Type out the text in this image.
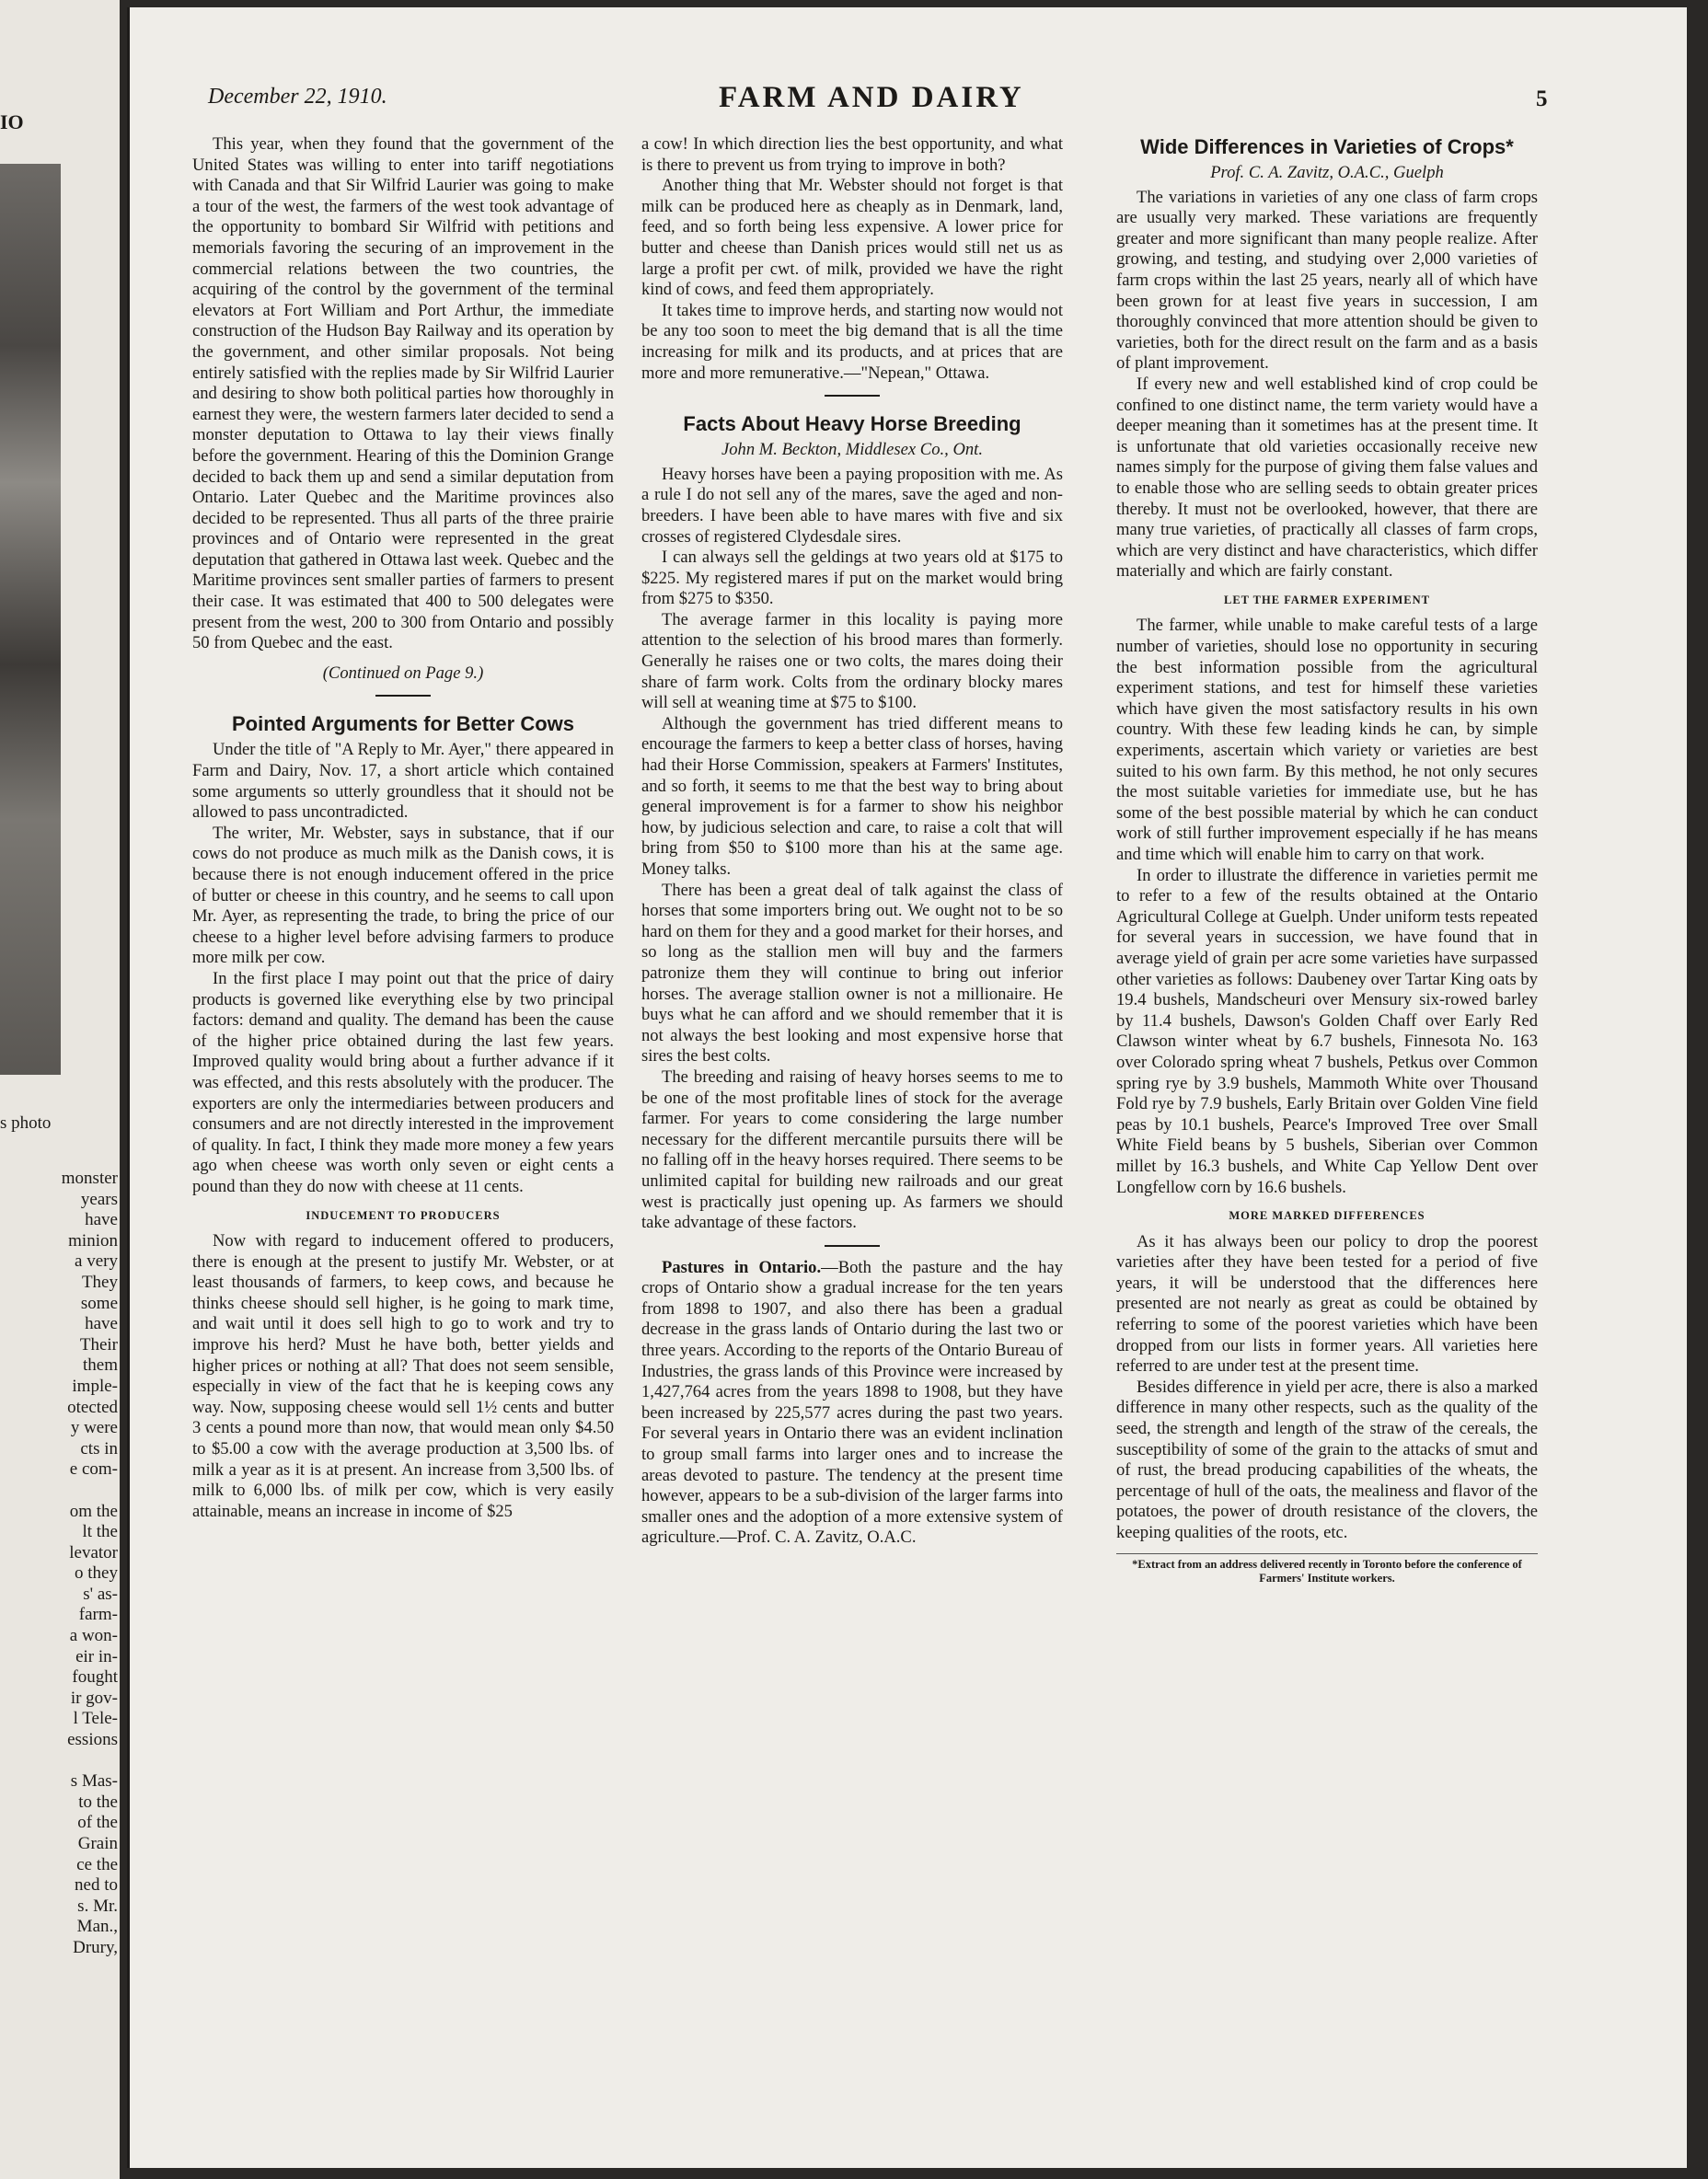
IO
s photo
monster
years
have
minion
a very
They
some
have
Their
them
imple-
otected
y were
cts in
e com-

om the
lt the
levator
o they
s' as-
farm-
a won-
eir in-
fought
ir gov-
l Tele-
essions

s Mas-
to the
of the
Grain
ce the
ned to
s. Mr.
Man.,
Drury,
December 22, 1910.	FARM AND DAIRY	5

This year, when they found that the government of the United States was willing to enter into tariff negotiations with Canada and that Sir Wilfrid Laurier was going to make a tour of the west, the farmers of the west took advantage of the opportunity to bombard Sir Wilfrid with petitions and memorials favoring the securing of an improvement in the commercial relations between the two countries, the acquiring of the control by the government of the terminal elevators at Fort William and Port Arthur, the immediate construction of the Hudson Bay Railway and its operation by the government, and other similar proposals. Not being entirely satisfied with the replies made by Sir Wilfrid Laurier and desiring to show both political parties how thoroughly in earnest they were, the western farmers later decided to send a monster deputation to Ottawa to lay their views finally before the government. Hearing of this the Dominion Grange decided to back them up and send a similar deputation from Ontario. Later Quebec and the Maritime provinces also decided to be represented. Thus all parts of the three prairie provinces and of Ontario were represented in the great deputation that gathered in Ottawa last week. Quebec and the Maritime provinces sent smaller parties of farmers to present their case. It was estimated that 400 to 500 delegates were present from the west, 200 to 300 from Ontario and possibly 50 from Quebec and the east.

(Continued on Page 9.)
Pointed Arguments for Better Cows

Under the title of "A Reply to Mr. Ayer," there appeared in Farm and Dairy, Nov. 17, a short article which contained some arguments so utterly groundless that it should not be allowed to pass uncontradicted.

The writer, Mr. Webster, says in substance, that if our cows do not produce as much milk as the Danish cows, it is because there is not enough inducement offered in the price of butter or cheese in this country, and he seems to call upon Mr. Ayer, as representing the trade, to bring the price of our cheese to a higher level before advising farmers to produce more milk per cow.

In the first place I may point out that the price of dairy products is governed like everything else by two principal factors: demand and quality. The demand has been the cause of the higher price obtained during the last few years. Improved quality would bring about a further advance if it was effected, and this rests absolutely with the producer. The exporters are only the intermediaries between producers and consumers and are not directly interested in the improvement of quality. In fact, I think they made more money a few years ago when cheese was worth only seven or eight cents a pound than they do now with cheese at 11 cents.

INDUCEMENT TO PRODUCERS

Now with regard to inducement offered to producers, there is enough at the present to justify Mr. Webster, or at least thousands of farmers, to keep cows, and because he thinks cheese should sell higher, is he going to mark time, and wait until it does sell high to go to work and try to improve his herd? Must he have both, better yields and higher prices or nothing at all? That does not seem sensible, especially in view of the fact that he is keeping cows any way. Now, supposing cheese would sell 1½ cents and butter 3 cents a pound more than now, that would mean only $4.50 to $5.00 a cow with the average production at 3,500 lbs. of milk a year as it is at present. An increase from 3,500 lbs. of milk to 6,000 lbs. of milk per cow, which is very easily attainable, means an increase in income of $25

a cow! In which direction lies the best opportunity, and what is there to prevent us from trying to improve in both?

Another thing that Mr. Webster should not forget is that milk can be produced here as cheaply as in Denmark, land, feed, and so forth being less expensive. A lower price for butter and cheese than Danish prices would still net us as large a profit per cwt. of milk, provided we have the right kind of cows, and feed them appropriately.

It takes time to improve herds, and starting now would not be any too soon to meet the big demand that is all the time increasing for milk and its products, and at prices that are more and more remunerative.—"Nepean," Ottawa.

Facts About Heavy Horse Breeding
John M. Beckton, Middlesex Co., Ont.

Heavy horses have been a paying proposition with me. As a rule I do not sell any of the mares, save the aged and non-breeders. I have been able to have mares with five and six crosses of registered Clydesdale sires.

I can always sell the geldings at two years old at $175 to $225. My registered mares if put on the market would bring from $275 to $350.

The average farmer in this locality is paying more attention to the selection of his brood mares than formerly. Generally he raises one or two colts, the mares doing their share of farm work. Colts from the ordinary blocky mares will sell at weaning time at $75 to $100.

Although the government has tried different means to encourage the farmers to keep a better class of horses, having had their Horse Commission, speakers at Farmers' Institutes, and so forth, it seems to me that the best way to bring about general improvement is for a farmer to show his neighbor how, by judicious selection and care, to raise a colt that will bring from $50 to $100 more than his at the same age. Money talks.

There has been a great deal of talk against the class of horses that some importers bring out. We ought not to be so hard on them for they and a good market for their horses, and so long as the stallion men will buy and the farmers patronize them they will continue to bring out inferior horses. The average stallion owner is not a millionaire. He buys what he can afford and we should remember that it is not always the best looking and most expensive horse that sires the best colts.

The breeding and raising of heavy horses seems to me to be one of the most profitable lines of stock for the average farmer. For years to come considering the large number necessary for the different mercantile pursuits there will be no falling off in the heavy horses required. There seems to be unlimited capital for building new railroads and our great west is practically just opening up. As farmers we should take advantage of these factors.

Pastures in Ontario.—Both the pasture and the hay crops of Ontario show a gradual increase for the ten years from 1898 to 1907, and also there has been a gradual decrease in the grass lands of Ontario during the last two or three years. According to the reports of the Ontario Bureau of Industries, the grass lands of this Province were increased by 1,427,764 acres from the years 1898 to 1908, but they have been increased by 225,577 acres during the past two years. For several years in Ontario there was an evident inclination to group small farms into larger ones and to increase the areas devoted to pasture. The tendency at the present time however, appears to be a sub-division of the larger farms into smaller ones and the adoption of a more extensive system of agriculture.—Prof. C. A. Zavitz, O.A.C.

Wide Differences in Varieties of Crops*
Prof. C. A. Zavitz, O.A.C., Guelph

The variations in varieties of any one class of farm crops are usually very marked. These variations are frequently greater and more significant than many people realize. After growing, and testing, and studying over 2,000 varieties of farm crops within the last 25 years, nearly all of which have been grown for at least five years in succession, I am thoroughly convinced that more attention should be given to varieties, both for the direct result on the farm and as a basis of plant improvement.

If every new and well established kind of crop could be confined to one distinct name, the term variety would have a deeper meaning than it sometimes has at the present time. It is unfortunate that old varieties occasionally receive new names simply for the purpose of giving them false values and to enable those who are selling seeds to obtain greater prices thereby. It must not be overlooked, however, that there are many true varieties, of practically all classes of farm crops, which are very distinct and have characteristics, which differ materially and which are fairly constant.

LET THE FARMER EXPERIMENT

The farmer, while unable to make careful tests of a large number of varieties, should lose no opportunity in securing the best information possible from the agricultural experiment stations, and test for himself these varieties which have given the most satisfactory results in his own country. With these few leading kinds he can, by simple experiments, ascertain which variety or varieties are best suited to his own farm. By this method, he not only secures the most suitable varieties for immediate use, but he has some of the best possible material by which he can conduct work of still further improvement especially if he has means and time which will enable him to carry on that work.

In order to illustrate the difference in varieties permit me to refer to a few of the results obtained at the Ontario Agricultural College at Guelph. Under uniform tests repeated for several years in succession, we have found that in average yield of grain per acre some varieties have surpassed other varieties as follows: Daubeney over Tartar King oats by 19.4 bushels, Mandscheuri over Mensury six-rowed barley by 11.4 bushels, Dawson's Golden Chaff over Early Red Clawson winter wheat by 6.7 bushels, Finnesota No. 163 over Colorado spring wheat 7 bushels, Petkus over Common spring rye by 3.9 bushels, Mammoth White over Thousand Fold rye by 7.9 bushels, Early Britain over Golden Vine field peas by 10.1 bushels, Pearce's Improved Tree over Small White Field beans by 5 bushels, Siberian over Common millet by 16.3 bushels, and White Cap Yellow Dent over Longfellow corn by 16.6 bushels.

MORE MARKED DIFFERENCES

As it has always been our policy to drop the poorest varieties after they have been tested for a period of five years, it will be understood that the differences here presented are not nearly as great as could be obtained by referring to some of the poorest varieties which have been dropped from our lists in former years. All varieties here referred to are under test at the present time.

Besides difference in yield per acre, there is also a marked difference in many other respects, such as the quality of the seed, the strength and length of the straw of the cereals, the susceptibility of some of the grain to the attacks of smut and of rust, the bread producing capabilities of the wheats, the percentage of hull of the oats, the mealiness and flavor of the potatoes, the power of drouth resistance of the clovers, the keeping qualities of the roots, etc.

*Extract from an address delivered recently in Toronto before the conference of Farmers' Institute workers.
